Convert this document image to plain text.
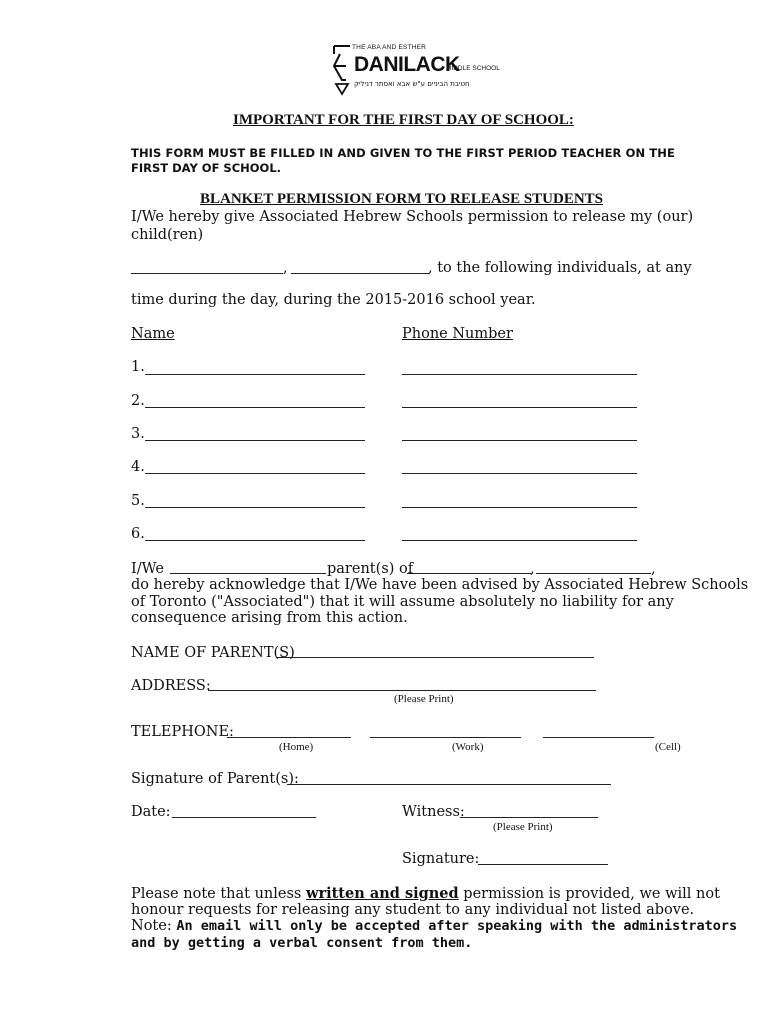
THE ABA AND ESTHER
DANILACK
MIDDLE SCHOOL
חטיבת הביניים ע"ש אבא ואסתר דניליק
IMPORTANT FOR THE FIRST DAY OF SCHOOL:
THIS FORM MUST BE FILLED IN AND GIVEN TO THE FIRST PERIOD TEACHER ON THE
FIRST DAY OF SCHOOL.
BLANKET PERMISSION FORM TO RELEASE STUDENTS
I/We hereby give Associated Hebrew Schools permission to release my (our)
child(ren)
,	, to the following individuals, at any
time during the day, during the 2015-2016 school year.
Name	Phone Number
1.
2.
3.
4.
5.
6.
I/We	parent(s) of	,	,
do hereby acknowledge that I/We have been advised by Associated Hebrew Schools
of Toronto ("Associated") that it will assume absolutely no liability for any
consequence arising from this action.
NAME OF PARENT(S)
ADDRESS:
(Please Print)
TELEPHONE:
(Home)	(Work)	(Cell)
Signature of Parent(s):
Date:	Witness:
(Please Print)
Signature:
Please note that unless written and signed permission is provided, we will not
honour requests for releasing any student to any individual not listed above.
Note: An email will only be accepted after speaking with the administrators
and by getting a verbal consent from them.
